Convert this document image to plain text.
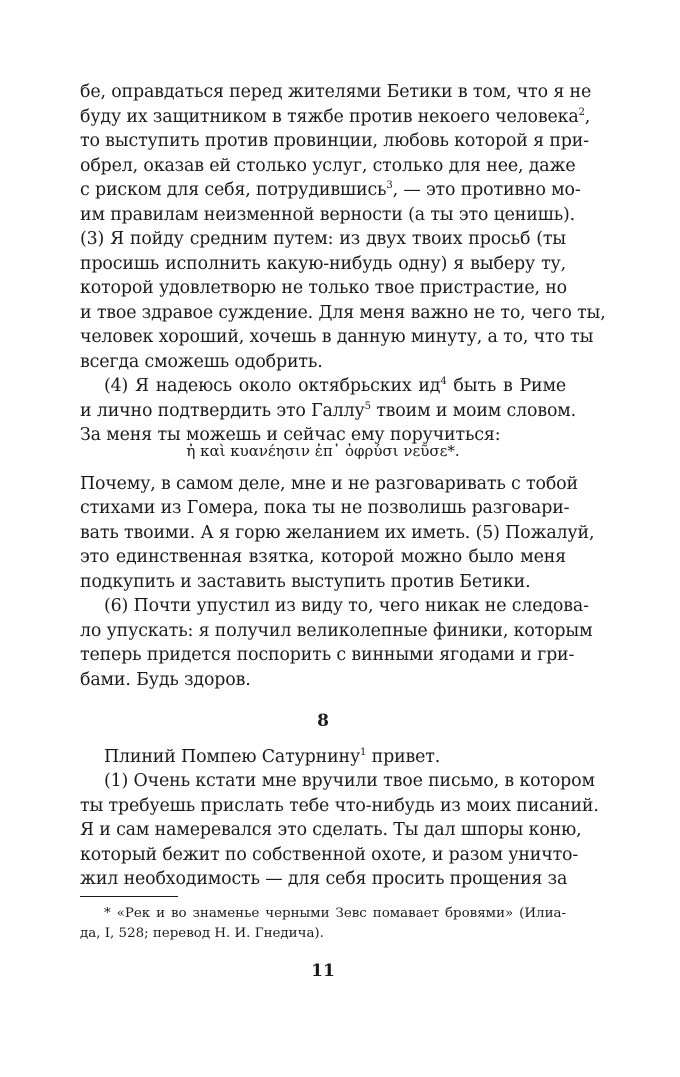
бе, оправдаться перед жителями Бетики в том, что я не
буду их защитником в тяжбе против некоего человека$^2$,
то выступить против провинции, любовь которой я при-
обрел, оказав ей столько услуг, столько для нее, даже
с риском для себя, потрудившись$^3$, — это противно мо-
им правилам неизменной верности (а ты это ценишь).
(3) Я пойду средним путем: из двух твоих просьб (ты
просишь исполнить какую-нибудь одну) я выберу ту,
которой удовлетворю не только твое пристрастие, но
и твое здравое суждение. Для меня важно не то, чего ты,
человек хороший, хочешь в данную минуту, а то, что ты
всегда сможешь одобрить.
(4) Я надеюсь около октябрьских $ид^4$ быть в Риме
и лично подтвердить это Галлу$^5$ твоим и моим словом.
За меня ты можешь и сейчас ему поручиться:
ἠ καὶ κυανέησιν ἐπ᾽ ὀφρύσι νεῦσε*.
Почему, в самом деле, мне и не разговаривать с тобой
стихами из Гомера, пока ты не позволишь разговари-
вать твоими. А я горю желанием их иметь. (5) Пожалуй,
это единственная взятка, которой можно было меня
подкупить и заставить выступить против Бетики.
(6) Почти упустил из виду то, чего никак не следова-
ло упускать: я получил великолепные финики, которым
теперь придется поспорить с винными ягодами и гри-
бами. Будь здоров.
8
Плиний Помпею Сатурнину$^1$ привет.
(1) Очень кстати мне вручили твое письмо, в котором
ты требуешь прислать тебе что-нибудь из моих писаний.
Я и сам намеревался это сделать. Ты дал шпоры коню,
который бежит по собственной охоте, и разом уничто-
жил необходимость — для себя просить прощения за
* «Рек и во знаменье черными Зевс помавает бровями» (Илиа-
да, I, 528; перевод Н. И. Гнедича).
11
